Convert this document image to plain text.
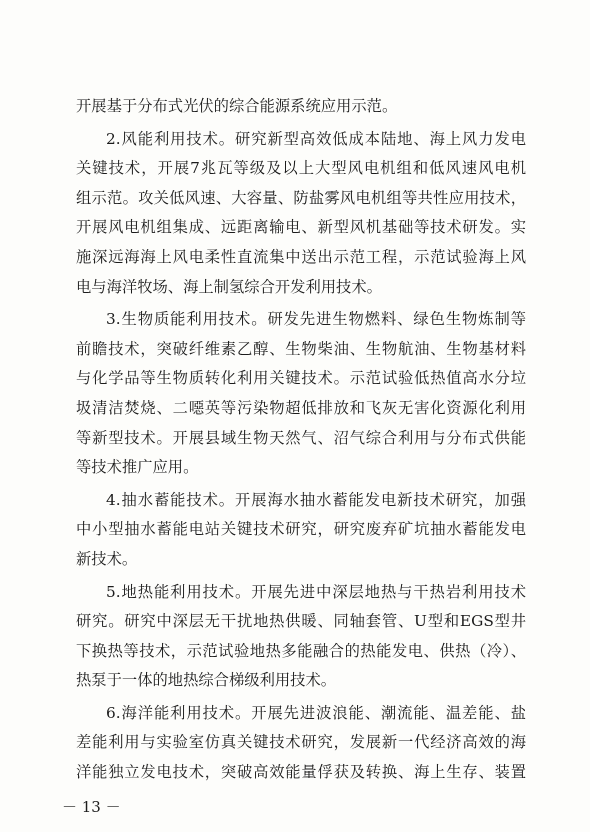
开展基于分布式光伏的综合能源系统应用示范。
2.风能利用技术。研究新型高效低成本陆地、海上风力发电
关键技术，开展7兆瓦等级及以上大型风电机组和低风速风电机
组示范。攻关低风速、大容量、防盐雾风电机组等共性应用技术，
开展风电机组集成、远距离输电、新型风机基础等技术研发。实
施深远海海上风电柔性直流集中送出示范工程，示范试验海上风
电与海洋牧场、海上制氢综合开发利用技术。
3.生物质能利用技术。研发先进生物燃料、绿色生物炼制等
前瞻技术，突破纤维素乙醇、生物柴油、生物航油、生物基材料
与化学品等生物质转化利用关键技术。示范试验低热值高水分垃
圾清洁焚烧、二噁英等污染物超低排放和飞灰无害化资源化利用
等新型技术。开展县域生物天然气、沼气综合利用与分布式供能
等技术推广应用。
4.抽水蓄能技术。开展海水抽水蓄能发电新技术研究，加强
中小型抽水蓄能电站关键技术研究，研究废弃矿坑抽水蓄能发电
新技术。
5.地热能利用技术。开展先进中深层地热与干热岩利用技术
研究。研究中深层无干扰地热供暖、同轴套管、U型和EGS型井
下换热等技术，示范试验地热多能融合的热能发电、供热（冷）、
热泵于一体的地热综合梯级利用技术。
6.海洋能利用技术。开展先进波浪能、潮流能、温差能、盐
差能利用与实验室仿真关键技术研究，发展新一代经济高效的海
洋能独立发电技术，突破高效能量俘获及转换、海上生存、装置
－ 13 －
